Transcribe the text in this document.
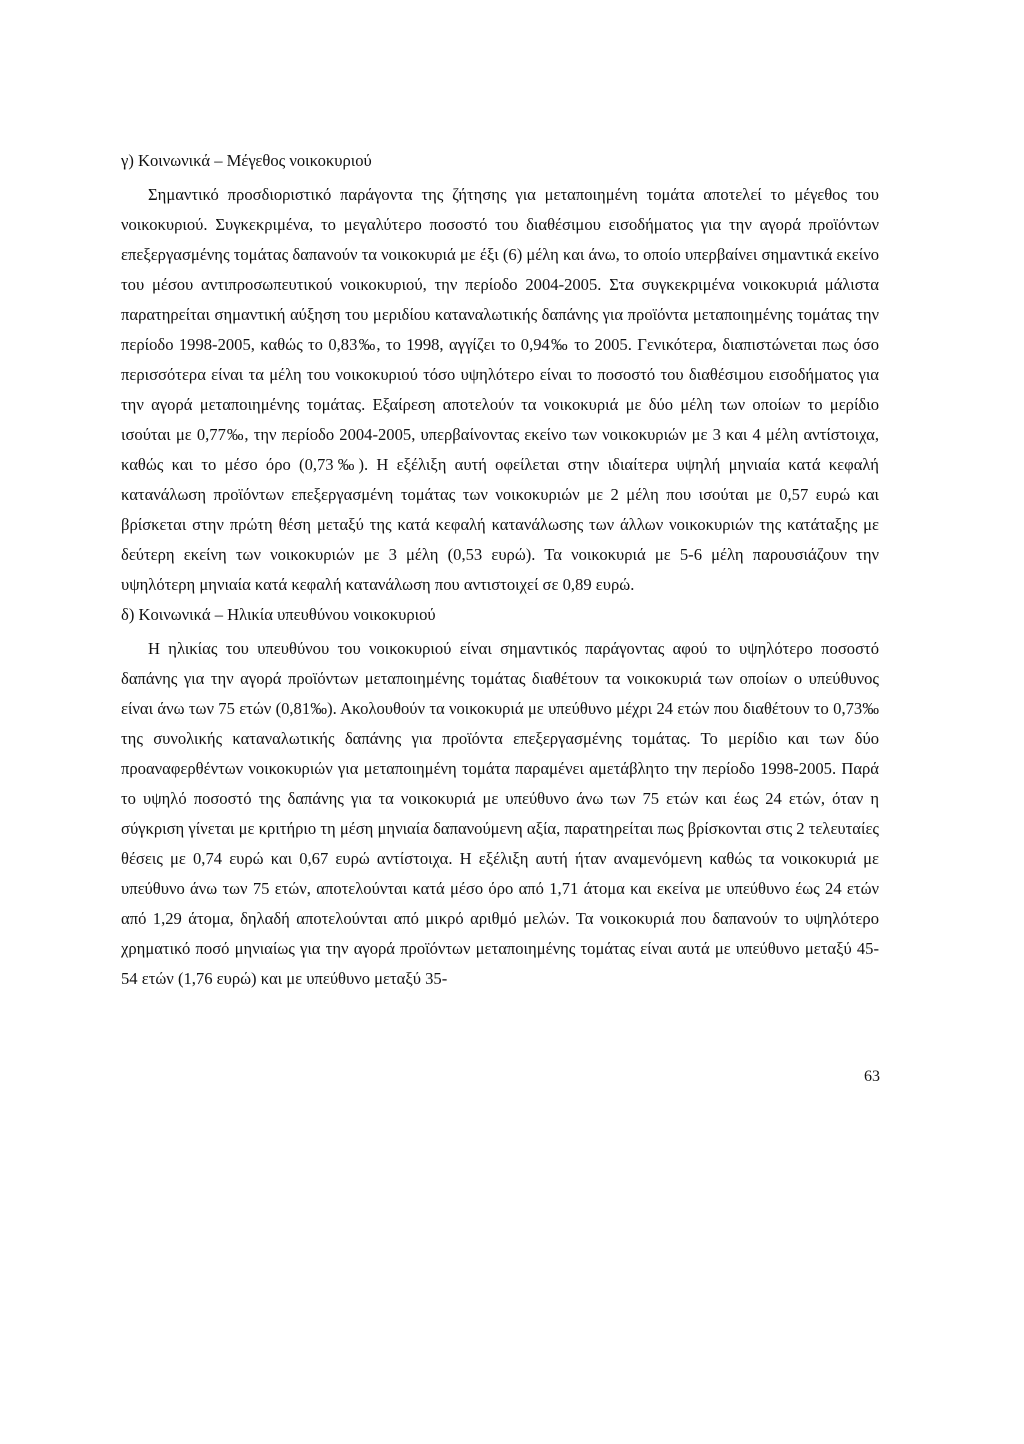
γ) Κοινωνικά – Μέγεθος νοικοκυριού

Σημαντικό προσδιοριστικό παράγοντα της ζήτησης για μεταποιημένη τομάτα αποτελεί το μέγεθος του νοικοκυριού. Συγκεκριμένα, το μεγαλύτερο ποσοστό του διαθέσιμου εισοδήματος για την αγορά προϊόντων επεξεργασμένης τομάτας δαπανούν τα νοικοκυριά με έξι (6) μέλη και άνω, το οποίο υπερβαίνει σημαντικά εκείνο του μέσου αντιπροσωπευτικού νοικοκυριού, την περίοδο 2004-2005. Στα συγκεκριμένα νοικοκυριά μάλιστα παρατηρείται σημαντική αύξηση του μεριδίου καταναλωτικής δαπάνης για προϊόντα μεταποιημένης τομάτας την περίοδο 1998-2005, καθώς το 0,83‰, το 1998, αγγίζει το 0,94‰ το 2005. Γενικότερα, διαπιστώνεται πως όσο περισσότερα είναι τα μέλη του νοικοκυριού τόσο υψηλότερο είναι το ποσοστό του διαθέσιμου εισοδήματος για την αγορά μεταποιημένης τομάτας. Εξαίρεση αποτελούν τα νοικοκυριά με δύο μέλη των οποίων το μερίδιο ισούται με 0,77‰, την περίοδο 2004-2005, υπερβαίνοντας εκείνο των νοικοκυριών με 3 και 4 μέλη αντίστοιχα, καθώς και το μέσο όρο (0,73‰). Η εξέλιξη αυτή οφείλεται στην ιδιαίτερα υψηλή μηνιαία κατά κεφαλή κατανάλωση προϊόντων επεξεργασμένη τομάτας των νοικοκυριών με 2 μέλη που ισούται με 0,57 ευρώ και βρίσκεται στην πρώτη θέση μεταξύ της κατά κεφαλή κατανάλωσης των άλλων νοικοκυριών της κατάταξης με δεύτερη εκείνη των νοικοκυριών με 3 μέλη (0,53 ευρώ). Τα νοικοκυριά με 5-6 μέλη παρουσιάζουν την υψηλότερη μηνιαία κατά κεφαλή κατανάλωση που αντιστοιχεί σε 0,89 ευρώ.

δ) Κοινωνικά – Ηλικία υπευθύνου νοικοκυριού

Η ηλικίας του υπευθύνου του νοικοκυριού είναι σημαντικός παράγοντας αφού το υψηλότερο ποσοστό δαπάνης για την αγορά προϊόντων μεταποιημένης τομάτας διαθέτουν τα νοικοκυριά των οποίων ο υπεύθυνος είναι άνω των 75 ετών (0,81‰). Ακολουθούν τα νοικοκυριά με υπεύθυνο μέχρι 24 ετών που διαθέτουν το 0,73‰ της συνολικής καταναλωτικής δαπάνης για προϊόντα επεξεργασμένης τομάτας. Το μερίδιο και των δύο προαναφερθέντων νοικοκυριών για μεταποιημένη τομάτα παραμένει αμετάβλητο την περίοδο 1998-2005. Παρά το υψηλό ποσοστό της δαπάνης για τα νοικοκυριά με υπεύθυνο άνω των 75 ετών και έως 24 ετών, όταν η σύγκριση γίνεται με κριτήριο τη μέση μηνιαία δαπανούμενη αξία, παρατηρείται πως βρίσκονται στις 2 τελευταίες θέσεις με 0,74 ευρώ και 0,67 ευρώ αντίστοιχα. Η εξέλιξη αυτή ήταν αναμενόμενη καθώς τα νοικοκυριά με υπεύθυνο άνω των 75 ετών, αποτελούνται κατά μέσο όρο από 1,71 άτομα και εκείνα με υπεύθυνο έως 24 ετών από 1,29 άτομα, δηλαδή αποτελούνται από μικρό αριθμό μελών. Τα νοικοκυριά που δαπανούν το υψηλότερο χρηματικό ποσό μηνιαίως για την αγορά προϊόντων μεταποιημένης τομάτας είναι αυτά με υπεύθυνο μεταξύ 45-54 ετών (1,76 ευρώ) και με υπεύθυνο μεταξύ 35-

63
